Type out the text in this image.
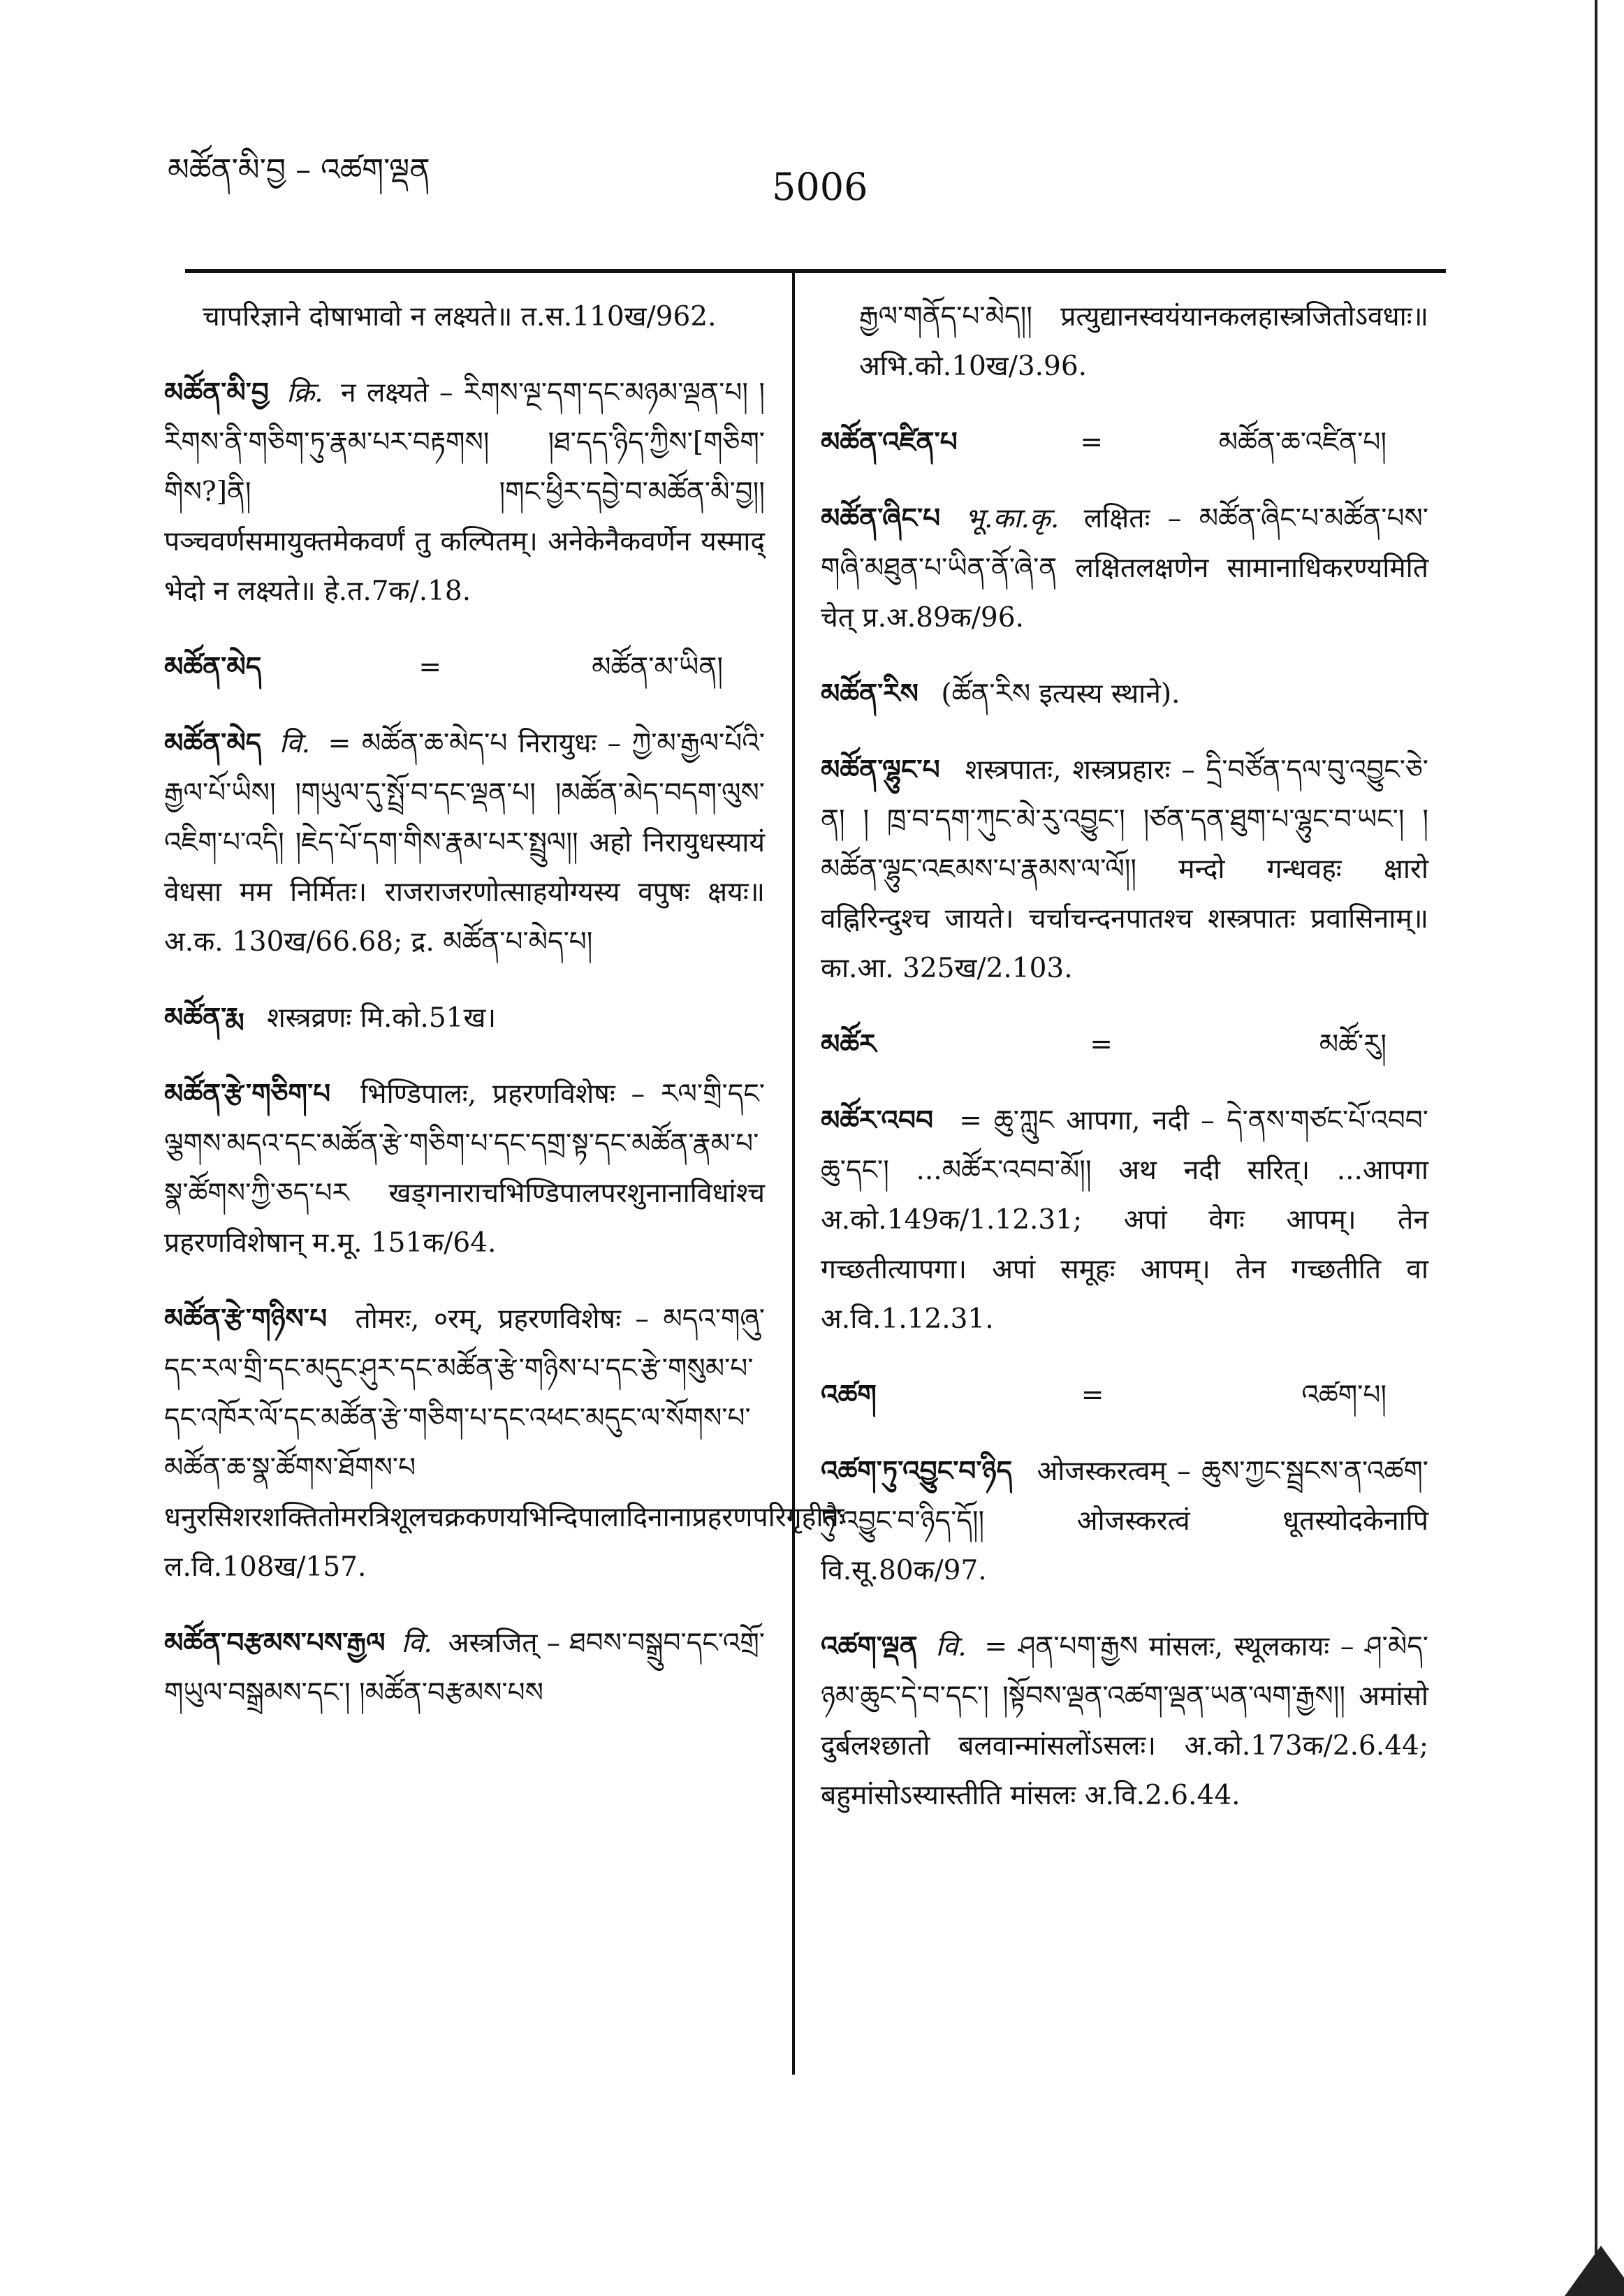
མཚོན་མི་བྱ – འཚག་ལྡན	5006

चापरिज्ञाने दोषाभावो न लक्ष्यते॥ त.स.110ख/962.

མཚོན་མི་བྱ क्रि. न लक्ष्यते – རིགས་ལྔ་དག་དང་མཉམ་ལྡན་པ། །རིགས་ནི་གཅིག་ཏུ་རྣམ་པར་བརྟགས། །ཐ་དད་ཉིད་ཀྱིས་[གཅིག་གིས?]ནི། །གང་ཕྱིར་དབྱེ་བ་མཚོན་མི་བྱ།། पञ्चवर्णसमायुक्तमेकवर्णं तु कल्पितम्। अनेकेनैकवर्णेन यस्माद् भेदो न लक्ष्यते॥ हे.त.7क/.18.

མཚོན་མེད	=	མཚོན་མ་ཡིན།

མཚོན་མེད वि. = མཚོན་ཆ་མེད་པ निरायुधः – ཀྱེ་མ་རྒྱལ་པོའི་རྒྱལ་པོ་ཡིས། །གཡུལ་དུ་སྤྲོ་བ་དང་ལྡན་པ། །མཚོན་མེད་བདག་ལུས་འཇིག་པ་འདི། །ཇེད་པོ་དག་གིས་རྣམ་པར་སྤྲུལ།། अहो निरायुधस्यायं वेधसा मम निर्मितः। राजराजरणोत्साहयोग्यस्य वपुषः क्षयः॥ अ.क. 130ख/66.68; द्र. མཚོན་པ་མེད་པ།

མཚོན་རྨ शस्त्रव्रणः मि.को.51ख।

མཚོན་རྩེ་གཅིག་པ भिण्डिपालः, प्रहरणविशेषः – རལ་གྲི་དང་ལྕགས་མདའ་དང་མཚོན་རྩེ་གཅིག་པ་དང་དགྲ་སྟ་དང་མཚོན་རྣམ་པ་སྣ་ཚོགས་ཀྱི་ཅད་པར खड्गनाराचभिण्डिपालपरशुनानाविधांश्च प्रहरणविशेषान् म.मू. 151क/64.

མཚོན་རྩེ་གཉིས་པ तोमरः, ०रम्, प्रहरणविशेषः – མདའ་གཞུ་དང་རལ་གྲི་དང་མདུང་ཤུར་དང་མཚོན་རྩེ་གཉིས་པ་དང་རྩེ་གསུམ་པ་དང་འཁོར་ལོ་དང་མཚོན་རྩེ་གཅིག་པ་དང་འཕང་མདུང་ལ་སོགས་པ་མཚོན་ཆ་སྣ་ཚོགས་ཐོགས་པ धनुरसिशरशक्तितोमरत्रिशूलचक्रकणयभिन्दिपालादिनानाप्रहरणपरिगृहीतैः ल.वि.108ख/157.

མཚོན་བརྩམས་པས་རྒྱལ वि. अस्त्रजित् – ཐབས་བསྒྲུབ་དང་འགྲོ་གཡུལ་བསྒྲམས་དང་། །མཚོན་བརྩམས་པས

རྒྱལ་གནོད་པ་མེད།། प्रत्युद्यानस्वयंयानकलहास्त्रजितोऽवधाः॥ अभि.को.10ख/3.96.

མཚོན་འཛིན་པ	=	མཚོན་ཆ་འཛིན་པ།

མཚོན་ཞིང་པ भू.का.कृ. लक्षितः – མཚོན་ཞིང་པ་མཚོན་པས་གཞི་མཐུན་པ་ཡིན་ནོ་ཞེ་ན लक्षितलक्षणेन सामानाधिकरण्यमिति चेत् प्र.अ.89क/96.

མཚོན་རིས (ཚོན་རིས इत्यस्य स्थाने).

མཚོན་ལྷུང་པ शस्त्रपातः, शस्त्रप्रहारः – དྲི་བཙོན་དལ་བུ་འབྱུང་ཅེ་ན། ། ཁྲ་བ་དག་ཀུང་མེ་རུ་འབྱུང་། །ཙན་དན་ཐུག་པ་ལྷུང་བ་ཡང་། །མཚོན་ལྷུང་འཇམས་པ་རྣམས་ལ་ལོ།། मन्दो गन्धवहः क्षारो वह्निरिन्दुश्च जायते। चर्चाचन्दनपातश्च शस्त्रपातः प्रवासिनाम्॥ का.आ. 325ख/2.103.

མཚོར	=	མཚོ་རུ།

མཚོར་འབབ = ཆུ་ཀླུང आपगा, नदी – དེ་ནས་གཙང་པོ་འབབ་ཆུ་དང་། ...མཚོར་འབབ་མོ།། अथ नदी सरित्। ...आपगा अ.को.149क/1.12.31; अपां वेगः आपम्। तेन गच्छतीत्यापगा। अपां समूहः आपम्। तेन गच्छतीति वा अ.वि.1.12.31.

འཚག	=	འཚག་པ།

འཚག་ཏུ་འབྱུང་བ་ཉིད ओजस्करत्वम् – ཆུས་ཀྱང་སྦྲངས་ན་འཚག་ཏུ་འབྱུང་བ་ཉིད་དོ།། ओजस्करत्वं धूतस्योदकेनापि वि.सू.80क/97.

འཚག་ལྡན वि. = ཤན་པག་རྒྱས मांसलः, स्थूलकायः – ཤ་མེད་ཉམ་ཆུང་དེ་བ་དང་། །སྟོབས་ལྡན་འཚག་ལྡན་ཡན་ལག་རྒྱས།། अमांसो दुर्बलश्छातो बलवान्मांसलोंऽसलः। अ.को.173क/2.6.44; बहुमांसोऽस्यास्तीति मांसलः अ.वि.2.6.44.
